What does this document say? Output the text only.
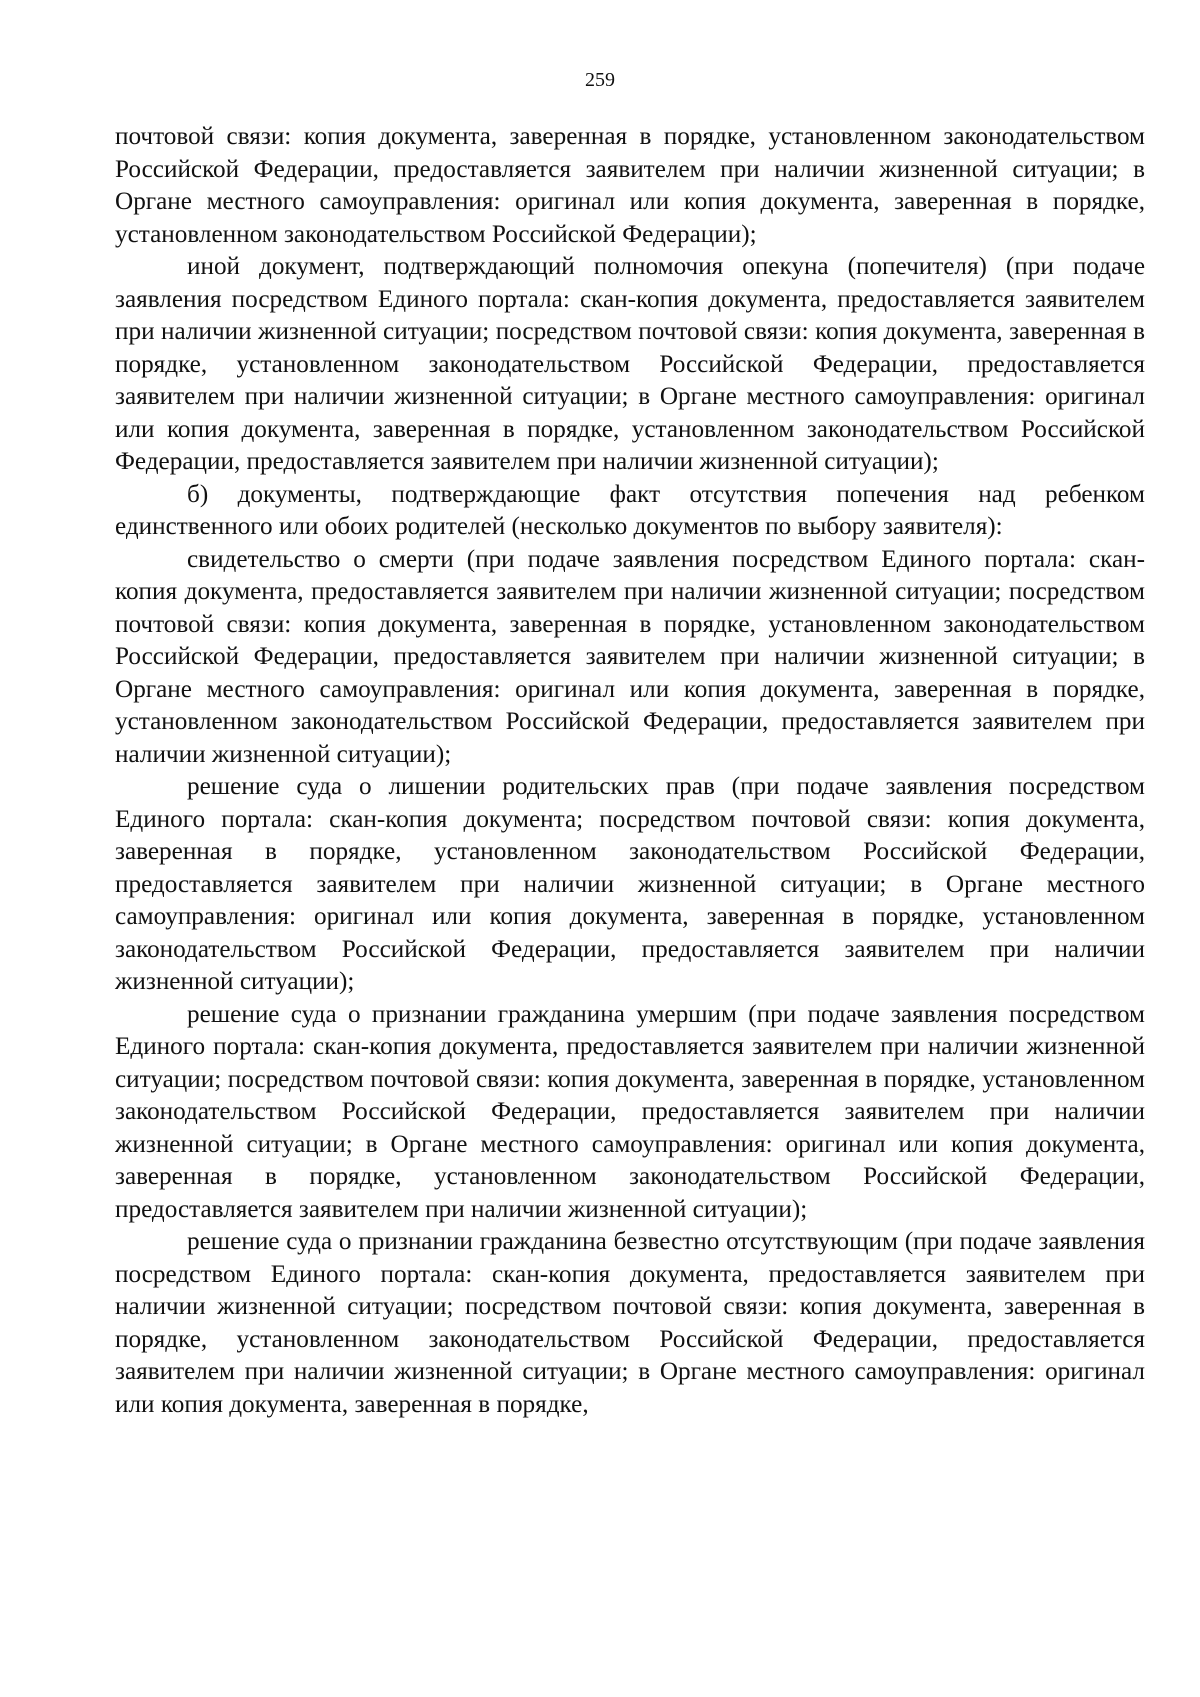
259

почтовой связи: копия документа, заверенная в порядке, установленном законодательством Российской Федерации, предоставляется заявителем при наличии жизненной ситуации; в Органе местного самоуправления: оригинал или копия документа, заверенная в порядке, установленном законодательством Российской Федерации);

иной документ, подтверждающий полномочия опекуна (попечителя) (при подаче заявления посредством Единого портала: скан-копия документа, предоставляется заявителем при наличии жизненной ситуации; посредством почтовой связи: копия документа, заверенная в порядке, установленном законодательством Российской Федерации, предоставляется заявителем при наличии жизненной ситуации; в Органе местного самоуправления: оригинал или копия документа, заверенная в порядке, установленном законодательством Российской Федерации, предоставляется заявителем при наличии жизненной ситуации);

б) документы, подтверждающие факт отсутствия попечения над ребенком единственного или обоих родителей (несколько документов по выбору заявителя):

свидетельство о смерти (при подаче заявления посредством Единого портала: скан-копия документа, предоставляется заявителем при наличии жизненной ситуации; посредством почтовой связи: копия документа, заверенная в порядке, установленном законодательством Российской Федерации, предоставляется заявителем при наличии жизненной ситуации; в Органе местного самоуправления: оригинал или копия документа, заверенная в порядке, установленном законодательством Российской Федерации, предоставляется заявителем при наличии жизненной ситуации);

решение суда о лишении родительских прав (при подаче заявления посредством Единого портала: скан-копия документа; посредством почтовой связи: копия документа, заверенная в порядке, установленном законодательством Российской Федерации, предоставляется заявителем при наличии жизненной ситуации; в Органе местного самоуправления: оригинал или копия документа, заверенная в порядке, установленном законодательством Российской Федерации, предоставляется заявителем при наличии жизненной ситуации);

решение суда о признании гражданина умершим (при подаче заявления посредством Единого портала: скан-копия документа, предоставляется заявителем при наличии жизненной ситуации; посредством почтовой связи: копия документа, заверенная в порядке, установленном законодательством Российской Федерации, предоставляется заявителем при наличии жизненной ситуации; в Органе местного самоуправления: оригинал или копия документа, заверенная в порядке, установленном законодательством Российской Федерации, предоставляется заявителем при наличии жизненной ситуации);

решение суда о признании гражданина безвестно отсутствующим (при подаче заявления посредством Единого портала: скан-копия документа, предоставляется заявителем при наличии жизненной ситуации; посредством почтовой связи: копия документа, заверенная в порядке, установленном законодательством Российской Федерации, предоставляется заявителем при наличии жизненной ситуации; в Органе местного самоуправления: оригинал или копия документа, заверенная в порядке,
